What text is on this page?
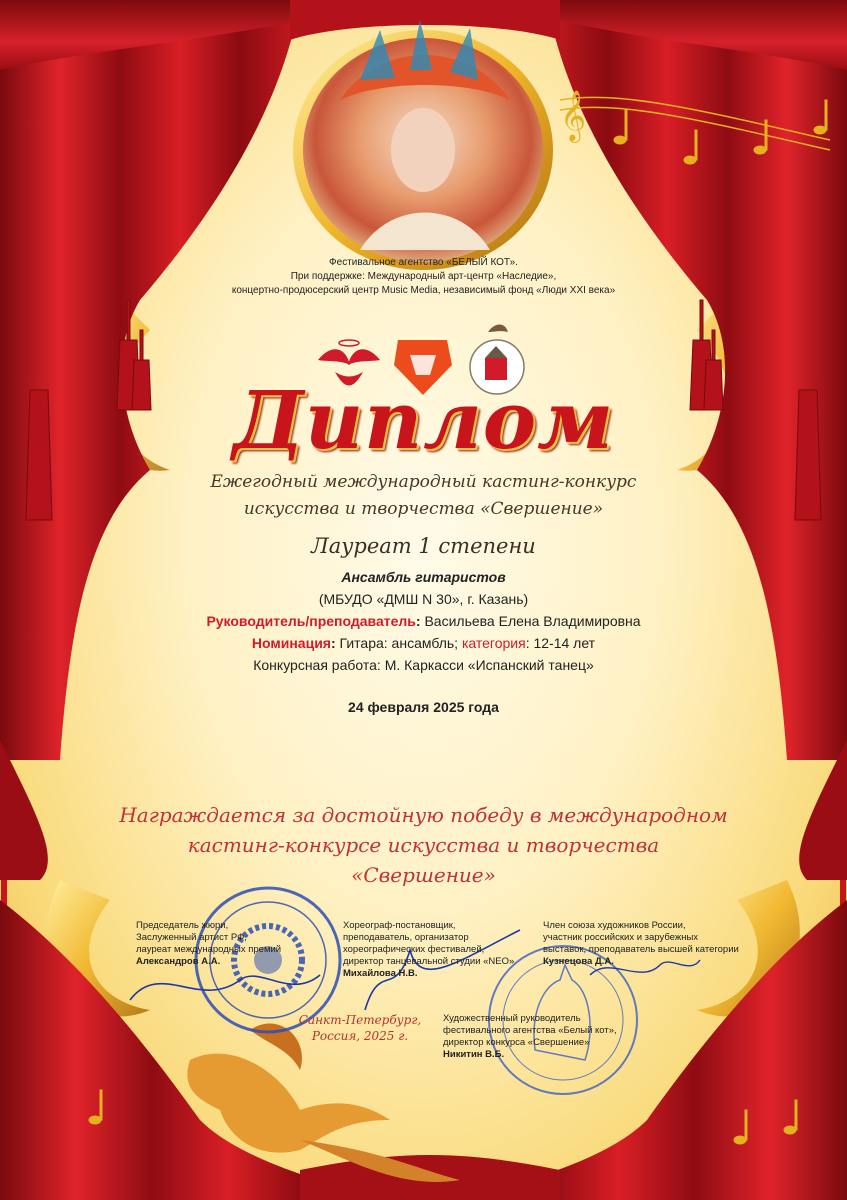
𝄞
Фестивальное агентство «БЕЛЫЙ КОТ».
При поддержке: Международный арт-центр «Наследие»,
концертно-продюсерский центр Music Media, независимый фонд «Люди XXI века»
Диплом
Ежегодный международный кастинг-конкурс
искусства и творчества «Свершение»
Лауреат 1 степени
Ансамбль гитаристов
(МБУДО «ДМШ N 30», г. Казань)
Руководитель/преподаватель: Васильева Елена Владимировна
Номинация: Гитара: ансамбль; категория: 12-14 лет
Конкурсная работа: М. Каркасси «Испанский танец»
24 февраля 2025 года
Награждается за достойную победу в международном
кастинг-конкурсе искусства и творчества
«Свершение»
Председатель жюри,
Заслуженный артист РФ,
лауреат международных премий
Александров А.А.
Хореограф-постановщик,
преподаватель, организатор
хореографических фестивалей,
директор танцевальной студии «NEO»
Михайлова Н.В.
Член союза художников России,
участник российских и зарубежных
выставок, преподаватель высшей категории
Кузнецова Д.А.
Художественный руководитель
фестивального агентства «Белый кот»,
директор конкурса «Свершение»
Никитин В.Б.
Санкт-Петербург,
Россия, 2025 г.
